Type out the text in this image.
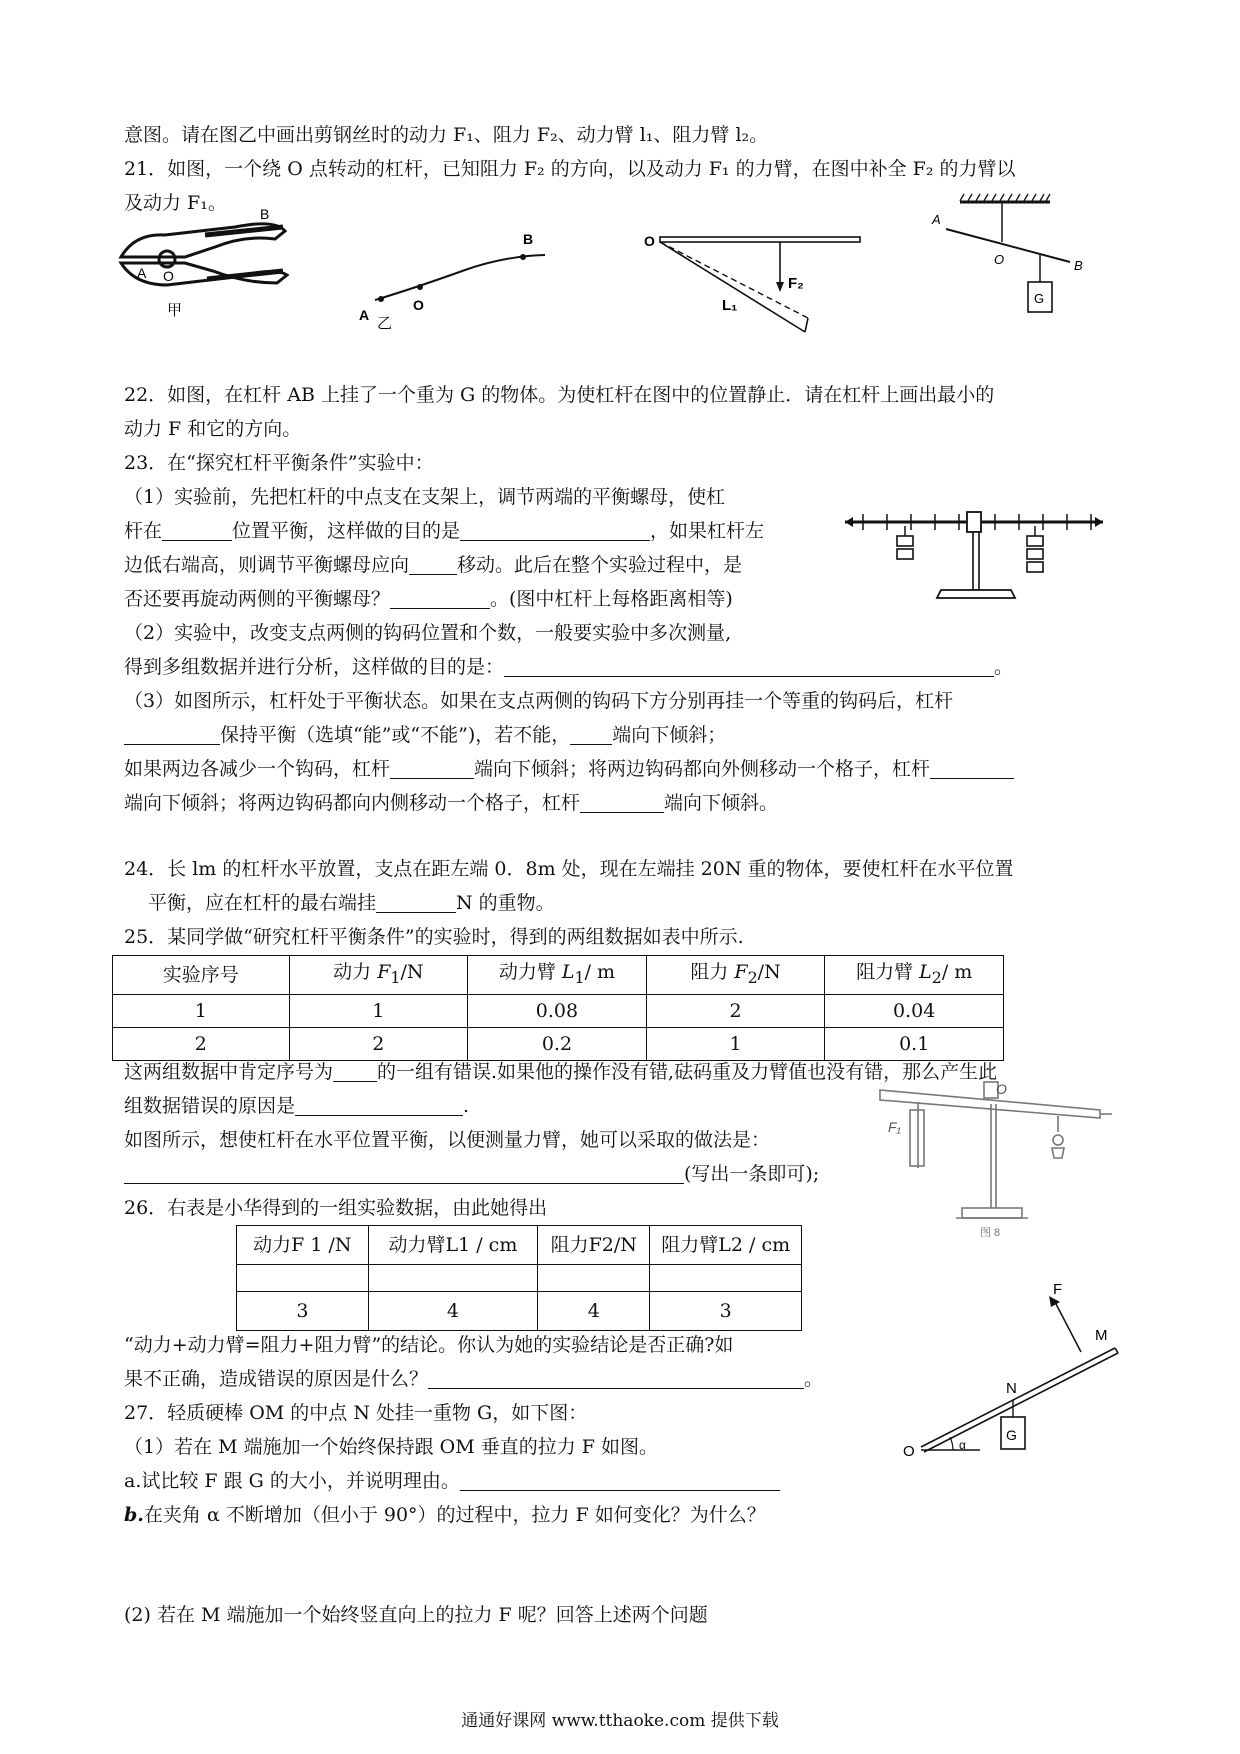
意图。请在图乙中画出剪钢丝时的动力 F₁、阻力 F₂、动力臂 l₁、阻力臂 l₂。
21．如图，一个绕 O 点转动的杠杆，已知阻力 F₂ 的方向，以及动力 F₁ 的力臂，在图中补全 F₂ 的力臂以
及动力 F₁。
A O
B
甲	A
O
B
乙
O
F₂
L₁
A
O	B
G
22．如图，在杠杆 AB 上挂了一个重为 G 的物体。为使杠杆在图中的位置静止．请在杠杆上画出最小的
动力 F 和它的方向。
23．在“探究杠杆平衡条件”实验中：
（1）实验前，先把杠杆的中点支在支架上，调节两端的平衡螺母，使杠
杆在	位置平衡，这样做的目的是	，如果杠杆左
边低右端高，则调节平衡螺母应向	移动。此后在整个实验过程中，是
否还要再旋动两侧的平衡螺母？	。(图中杠杆上每格距离相等)
（2）实验中，改变支点两侧的钩码位置和个数，一般要实验中多次测量,
得到多组数据并进行分析，这样做的目的是：	。
（3）如图所示，杠杆处于平衡状态。如果在支点两侧的钩码下方分别再挂一个等重的钩码后，杠杆
保持平衡（选填“能”或“不能”)，若不能， 端向下倾斜；
如果两边各减少一个钩码，杠杆	端向下倾斜；将两边钩码都向外侧移动一个格子，杠杆
端向下倾斜；将两边钩码都向内侧移动一个格子，杠杆	端向下倾斜。
24．长 lm 的杠杆水平放置，支点在距左端 0．8m 处，现在左端挂 20N 重的物体，要使杠杆在水平位置
平衡，应在杠杆的最右端挂	N 的重物。
25．某同学做“研究杠杆平衡条件”的实验时，得到的两组数据如表中所示.
实验序号	动力 $F_1/N$	动力臂 $L_1/$ m	阻力 $F_2/N$	阻力臂 $L_2/$ m
1	1	0.08	2	0.04
2	2	0.2	1	0.1
这两组数据中肯定序号为 的一组有错误.如果他的操作没有错,砝码重及力臂值也没有错，那么产生此
组数据错误的原因是	.
如图所示，想使杠杆在水平位置平衡，以便测量力臂，她可以采取的做法是：
(写出一条即可);
O
F₁
图 8
26．右表是小华得到的一组实验数据，由此她得出
动力F 1 /N	动力臂L1 / cm	阻力F2/N	阻力臂L2 / cm

3	4	4	3
“动力+动力臂=阻力+阻力臂”的结论。你认为她的实验结论是否正确?如
果不正确，造成错误的原因是什么？	。
27．轻质硬棒 OM 的中点 N 处挂一重物 G，如下图：
（1）若在 M 端施加一个始终保持跟 OM 垂直的拉力 F 如图。
a.试比较 F 跟 G 的大小，并说明理由。
b.在夹角 α 不断增加（但小于 90°）的过程中，拉力 F 如何变化？为什么？
(2) 若在 M 端施加一个始终竖直向上的拉力 F 呢？回答上述两个问题
F
M
N
O	α
G
通通好课网 www.tthaoke.com 提供下载
